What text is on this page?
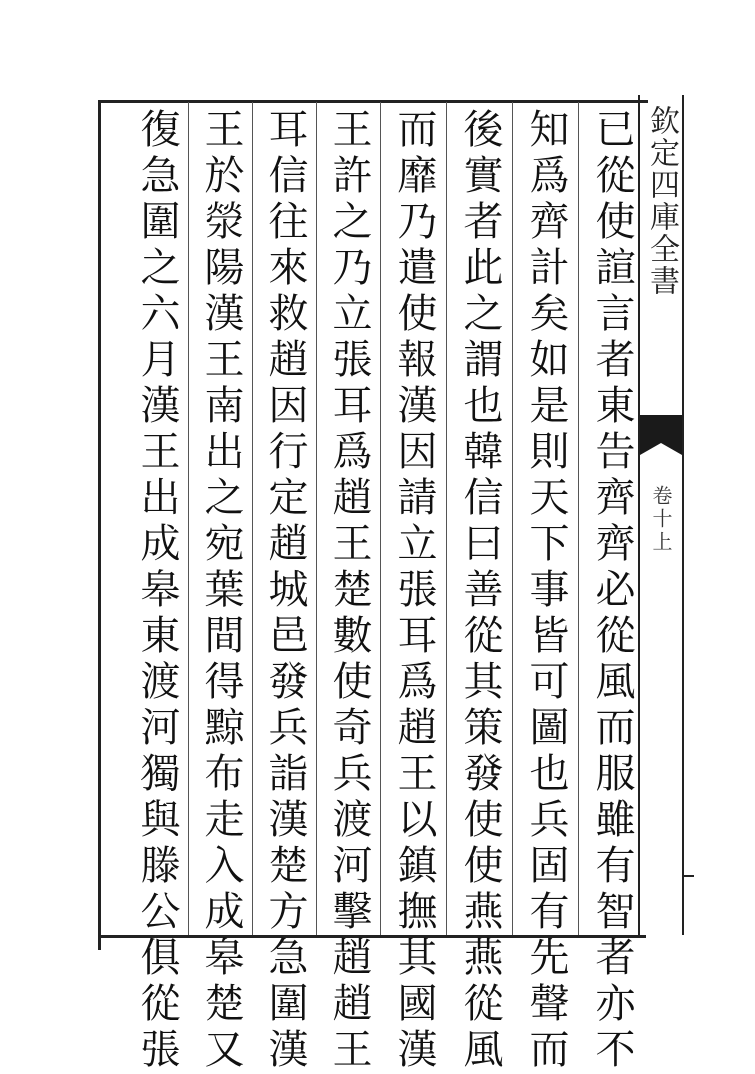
欽定四庫全書
卷十上
已從使諠言者東告齊齊必從風而服雖有智者亦不
知爲齊計矣如是則天下事皆可圖也兵固有先聲而
後實者此之謂也韓信曰善從其策發使使燕燕從風
而靡乃遣使報漢因請立張耳爲趙王以鎮撫其國漢
王許之乃立張耳爲趙王楚數使奇兵渡河擊趙趙王
耳信往來救趙因行定趙城邑發兵詣漢楚方急圍漢
王於滎陽漢王南出之宛葉間得黥布走入成皋楚又
復急圍之六月漢王出成皋東渡河獨與滕公俱從張
